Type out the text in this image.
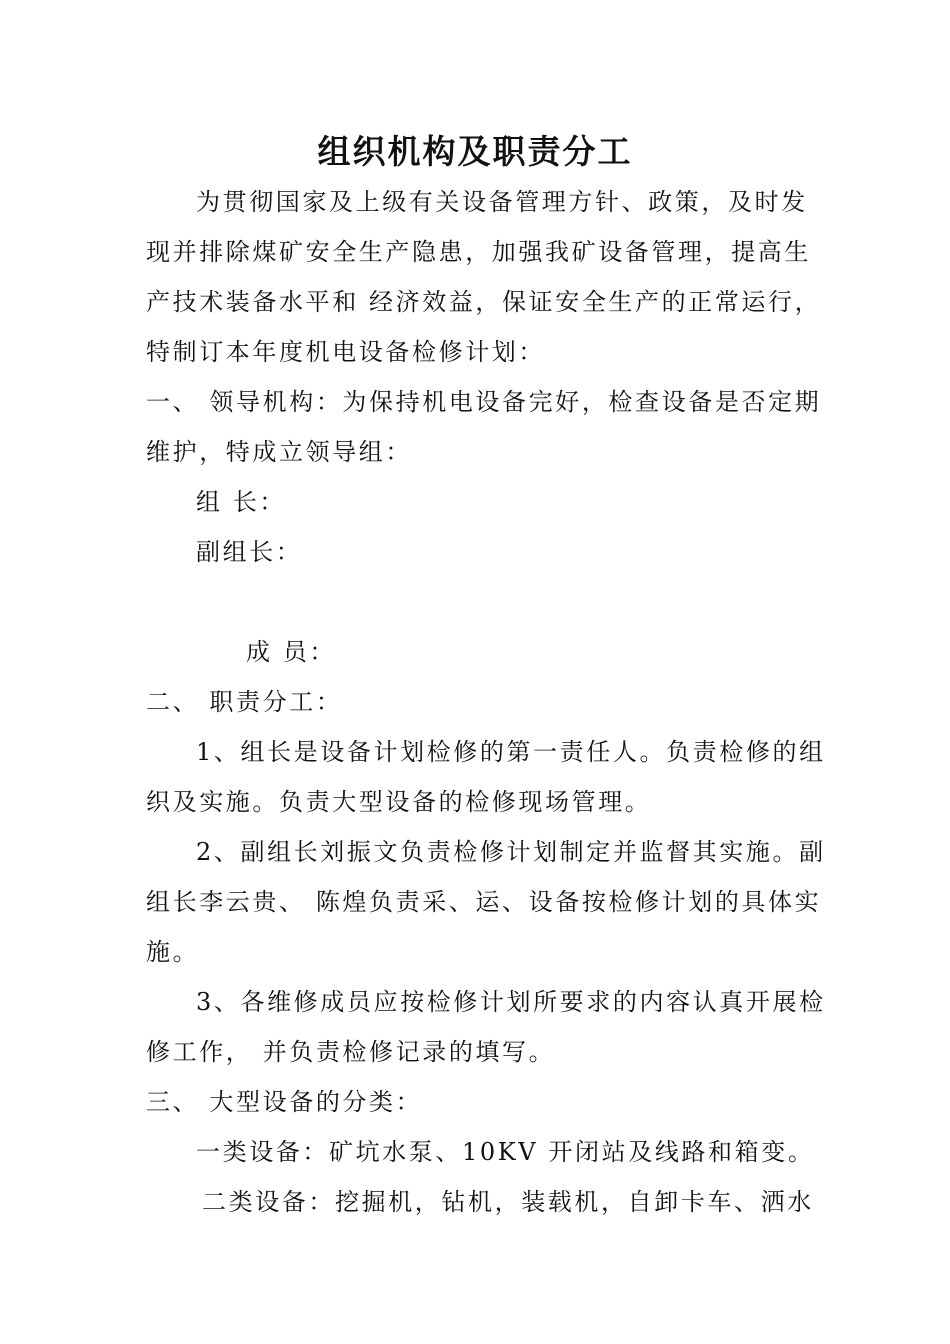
组织机构及职责分工
为贯彻国家及上级有关设备管理方针、政策，及时发
现并排除煤矿安全生产隐患，加强我矿设备管理，提高生
产技术装备水平和 经济效益，保证安全生产的正常运行，
特制订本年度机电设备检修计划：
一、 领导机构：为保持机电设备完好，检查设备是否定期
维护，特成立领导组：
组 长：
副组长：
成 员：
二、 职责分工：
1、组长是设备计划检修的第一责任人。负责检修的组
织及实施。负责大型设备的检修现场管理。
2、副组长刘振文负责检修计划制定并监督其实施。副
组长李云贵、 陈煌负责采、运、设备按检修计划的具体实
施。
3、各维修成员应按检修计划所要求的内容认真开展检
修工作， 并负责检修记录的填写。
三、 大型设备的分类：
一类设备：矿坑水泵、10KV 开闭站及线路和箱变。
二类设备：挖掘机，钻机，装载机，自卸卡车、洒水
